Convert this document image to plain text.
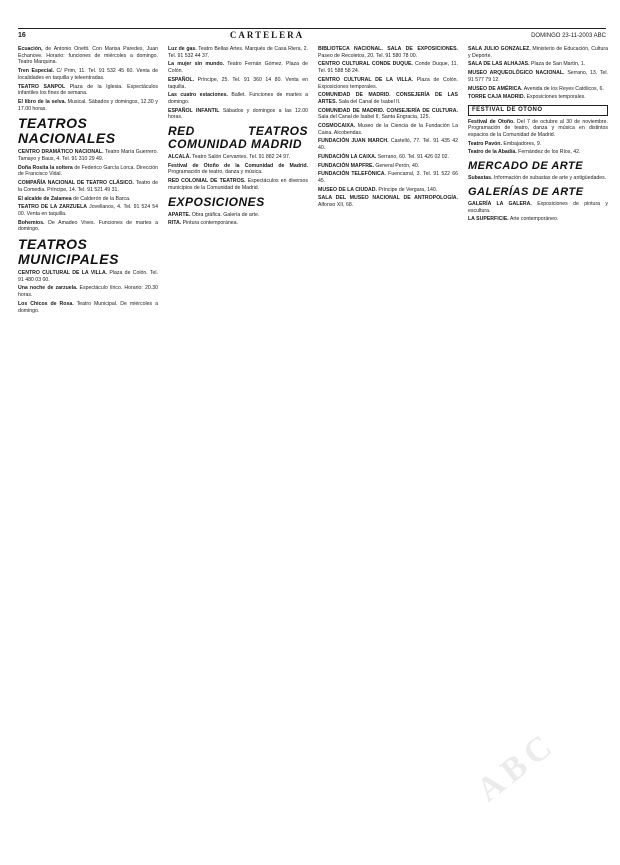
16	CARTELERA	DOMINGO 23-11-2003 ABC

Ecuación, de Antonio Onetti. Con Marisa Paredes, Juan Echanove. Horario: funciones de miércoles a domingo. Teatro Marquina.

Tren Especial. C/ Prim, 11. Tel. 91 532 45 60. Venta de localidades en taquilla y teleentradas.

TEATRO SANPOL Plaza de la Iglesia. Espectáculos infantiles los fines de semana.

El libro de la selva. Musical. Sábados y domingos, 12.30 y 17.00 horas.

TEATROS NACIONALES

CENTRO DRAMÁTICO NACIONAL. Teatro María Guerrero. Tamayo y Baus, 4. Tel. 91 310 29 49.

Doña Rosita la soltera de Federico García Lorca. Dirección de Francisco Vidal.

COMPAÑÍA NACIONAL DE TEATRO CLÁSICO. Teatro de la Comedia. Príncipe, 14. Tel. 91 521 49 31.

El alcalde de Zalamea de Calderón de la Barca.

TEATRO DE LA ZARZUELA Jovellanos, 4. Tel. 91 524 54 00. Venta en taquilla.

Bohemios. De Amadeo Vives. Funciones de martes a domingo.

TEATROS MUNICIPALES

CENTRO CULTURAL DE LA VILLA. Plaza de Colón. Tel. 91 480 03 00.

Una noche de zarzuela. Espectáculo lírico. Horario: 20.30 horas.

Los Chicos de Rosa. Teatro Municipal. De miércoles a domingo.

Luz de gas. Teatro Bellas Artes. Marqués de Casa Riera, 2. Tel. 91 532 44 37.

La mujer sin mundo. Teatro Fernán Gómez. Plaza de Colón.

ESPAÑOL. Príncipe, 25. Tel. 91 360 14 80. Venta en taquilla.

Las cuatro estaciones. Ballet. Funciones de martes a domingo.

ESPAÑOL INFANTIL Sábados y domingos a las 12.00 horas.

RED TEATROS COMUNIDAD MADRID

ALCALÁ. Teatro Salón Cervantes. Tel. 91 882 24 97.

Festival de Otoño de la Comunidad de Madrid. Programación de teatro, danza y música.

RED COLONIAL DE TEATROS. Espectáculos en diversos municipios de la Comunidad de Madrid.

EXPOSICIONES

APARTE. Obra gráfica. Galería de arte.

RITA. Pintura contemporánea.

BIBLIOTECA NACIONAL. SALA DE EXPOSICIONES. Paseo de Recoletos, 20. Tel. 91 580 78 00.

CENTRO CULTURAL CONDE DUQUE. Conde Duque, 11. Tel. 91 588 58 24.

CENTRO CULTURAL DE LA VILLA. Plaza de Colón. Exposiciones temporales.

COMUNIDAD DE MADRID. CONSEJERÍA DE LAS ARTES. Sala del Canal de Isabel II.

COMUNIDAD DE MADRID. CONSEJERÍA DE CULTURA. Sala del Canal de Isabel II. Santa Engracia, 125.

COSMOCAIXA. Museo de la Ciencia de la Fundación La Caixa. Alcobendas.

FUNDACIÓN JUAN MARCH. Castelló, 77. Tel. 91 435 42 40.

FUNDACIÓN LA CAIXA. Serrano, 60. Tel. 91 426 02 02.

FUNDACIÓN MAPFRE. General Perón, 40.

FUNDACIÓN TELEFÓNICA. Fuencarral, 3. Tel. 91 522 66 45.

MUSEO DE LA CIUDAD. Príncipe de Vergara, 140.

SALA DEL MUSEO NACIONAL DE ANTROPOLOGÍA. Alfonso XII, 68.

SALA JULIO GONZÁLEZ. Ministerio de Educación, Cultura y Deporte.

SALA DE LAS ALHAJAS. Plaza de San Martín, 1.

MUSEO ARQUEOLÓGICO NACIONAL. Serrano, 13. Tel. 91 577 79 12.

MUSEO DE AMÉRICA. Avenida de los Reyes Católicos, 6.

TORRE CAJA MADRID. Exposiciones temporales.

FESTIVAL DE OTOÑO

Festival de Otoño. Del 7 de octubre al 30 de noviembre. Programación de teatro, danza y música en distintos espacios de la Comunidad de Madrid.

Teatro Pavón. Embajadores, 9.

Teatro de la Abadía. Fernández de los Ríos, 42.

MERCADO DE ARTE

Subastas. Información de subastas de arte y antigüedades.

GALERÍAS DE ARTE

GALERÍA LA GALERA. Exposiciones de pintura y escultura.

LA SUPERFICIE. Arte contemporáneo.

ABC
